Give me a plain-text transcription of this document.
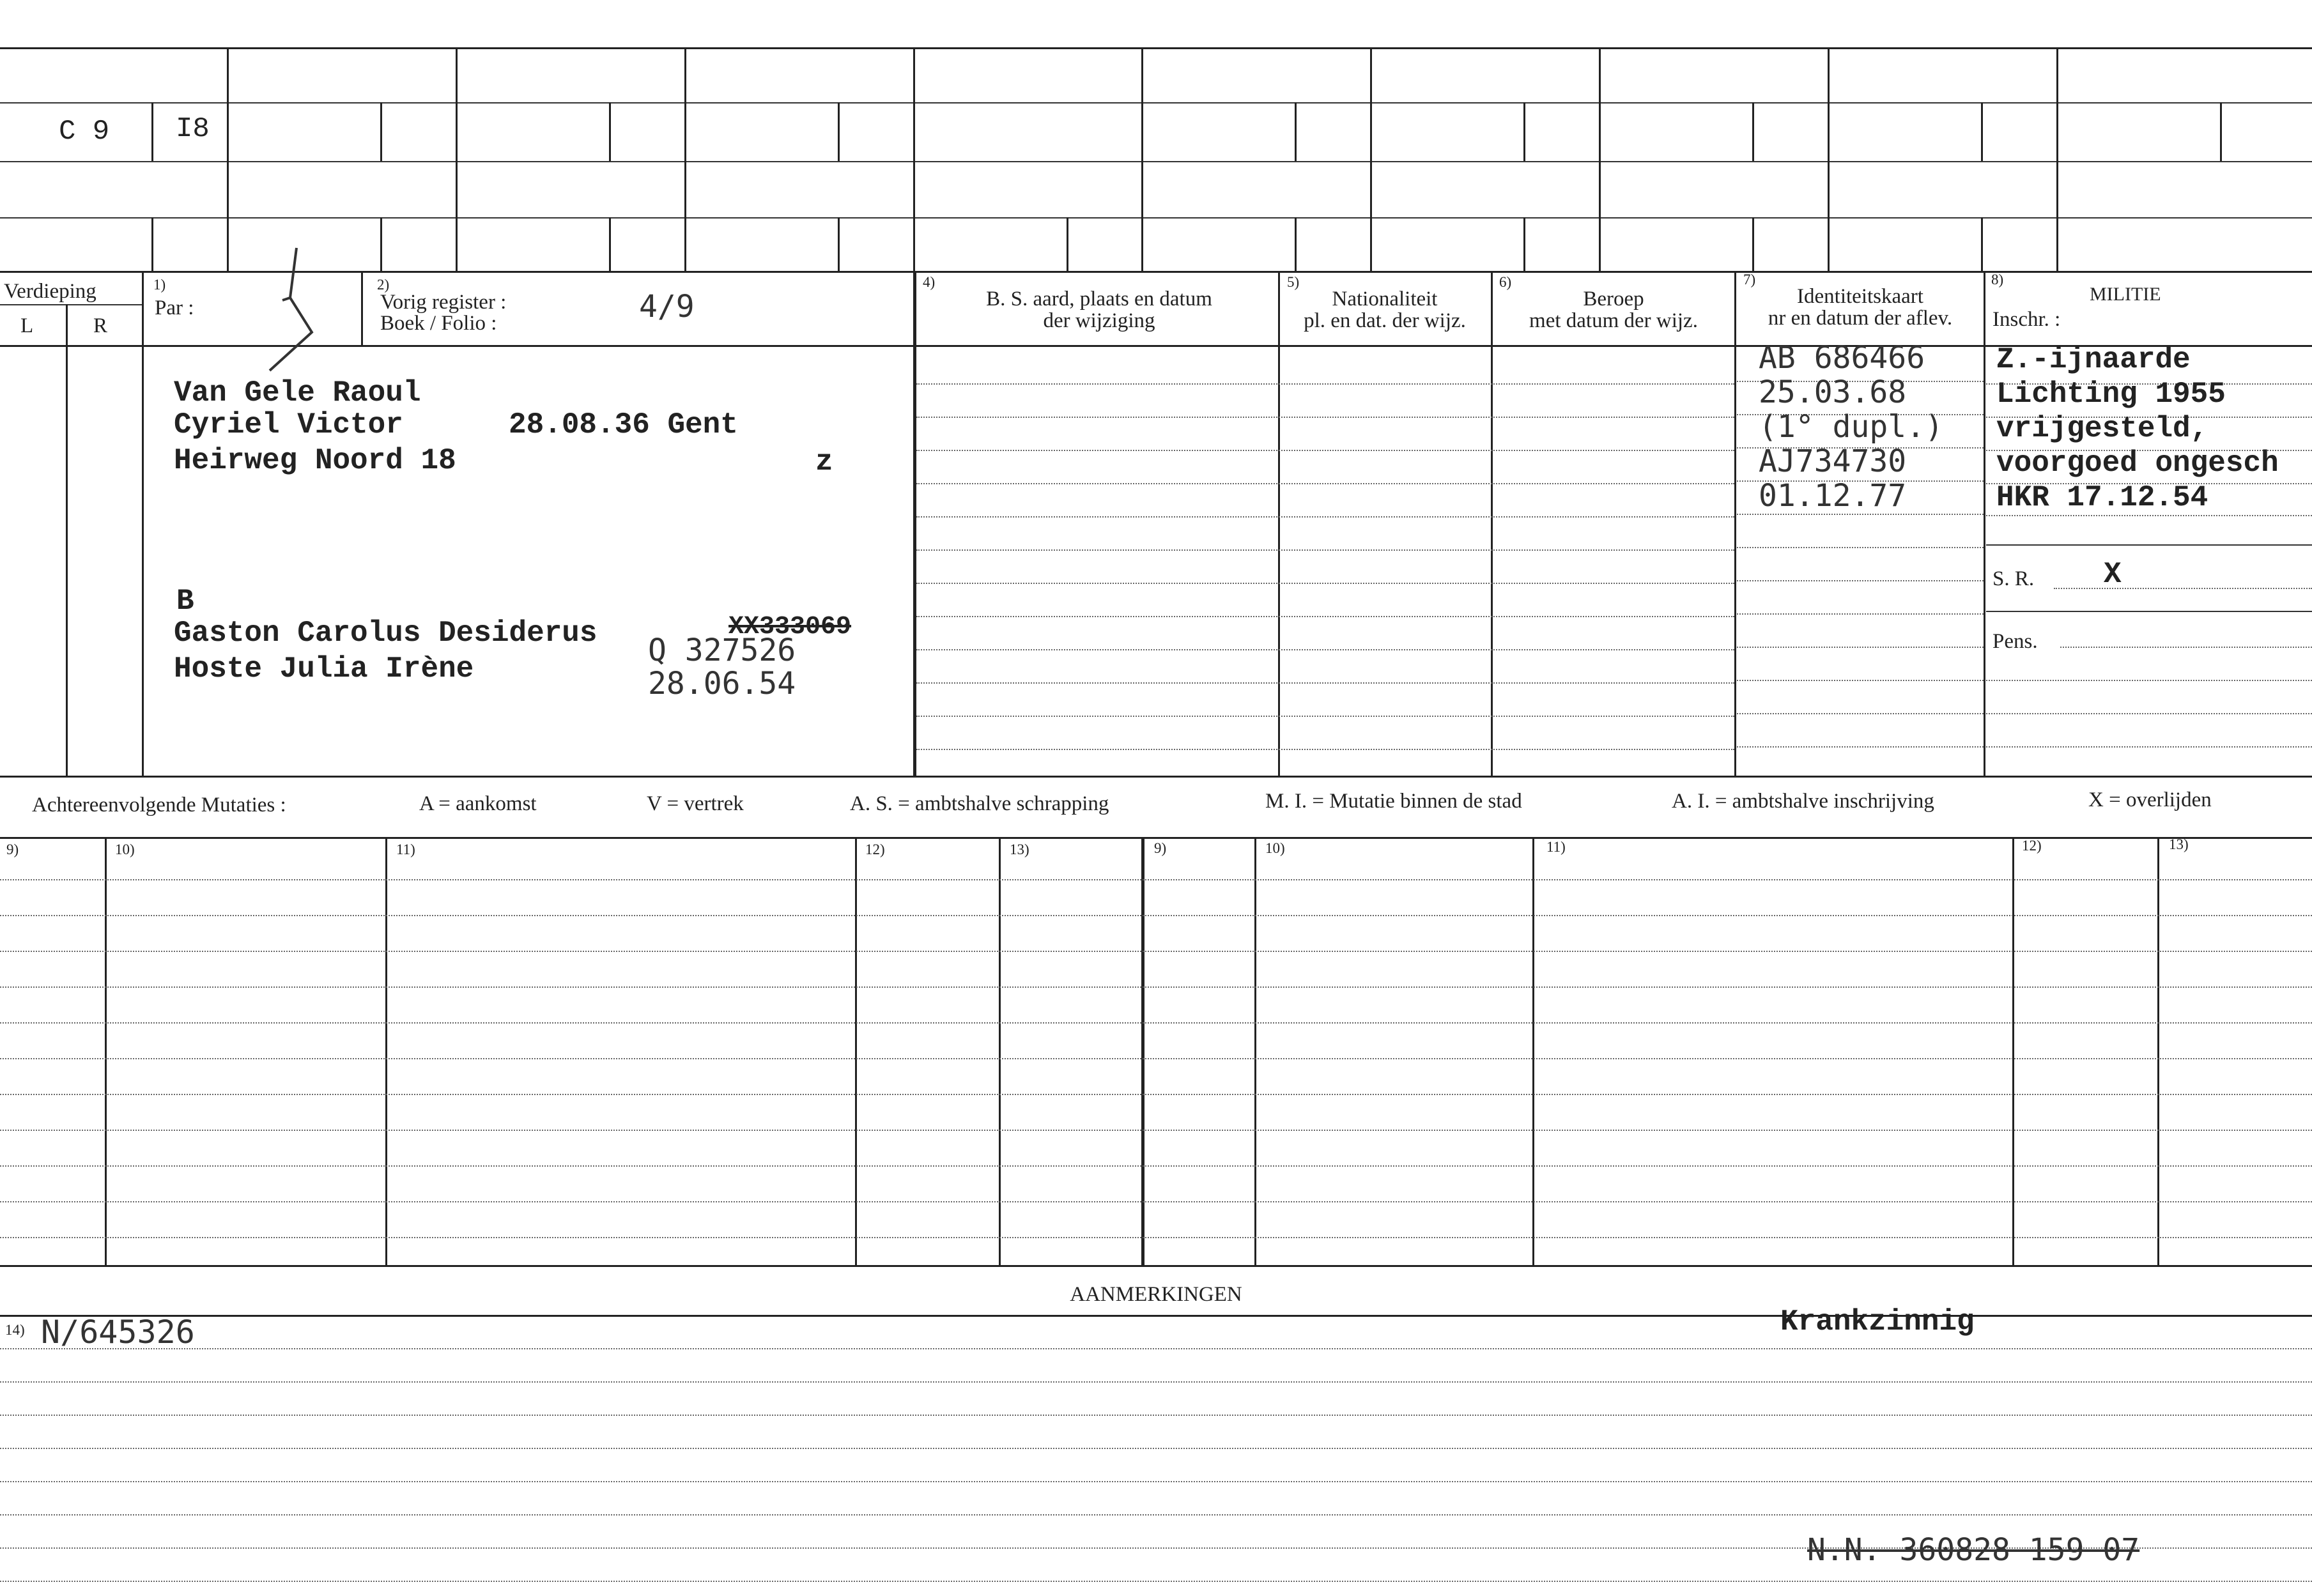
C 9 I8
Verdieping
L	R
1)
Par :
2)
Vorig register :
Boek / Folio :	4/9
4)
B. S. aard, plaats en datum
der wijziging
5)
Nationaliteit
pl. en dat. der wijz.
6)
Beroep
met datum der wijz.
7)
Identiteitskaart
nr en datum der aflev.
8)
MILITIE
Inschr. :
Van Gele Raoul
Cyriel Victor	28.08.36 Gent
Heirweg Noord 18	z
B
Gaston Carolus Desiderus
Hoste Julia Irène
XX333069
Q 327526
28.06.54
AB 686466
25.03.68
(1° dupl.)
AJ734730
01.12.77
Z.-ijnaarde
Lichting 1955
vrijgesteld,
voorgoed ongesch
HKR 17.12.54
S. R. X
Pens.
Achtereenvolgende Mutaties :	A = aankomst	V = vertrek	A. S. = ambtshalve schrapping	M. I. = Mutatie binnen de stad	A. I. = ambtshalve inschrijving	X = overlijden
9)	10)	11)	12)	13)	9)	10)	11)	12)	13)
AANMERKINGEN
14) N/645326	Krankzinnig
N.N. 360828 159 07
